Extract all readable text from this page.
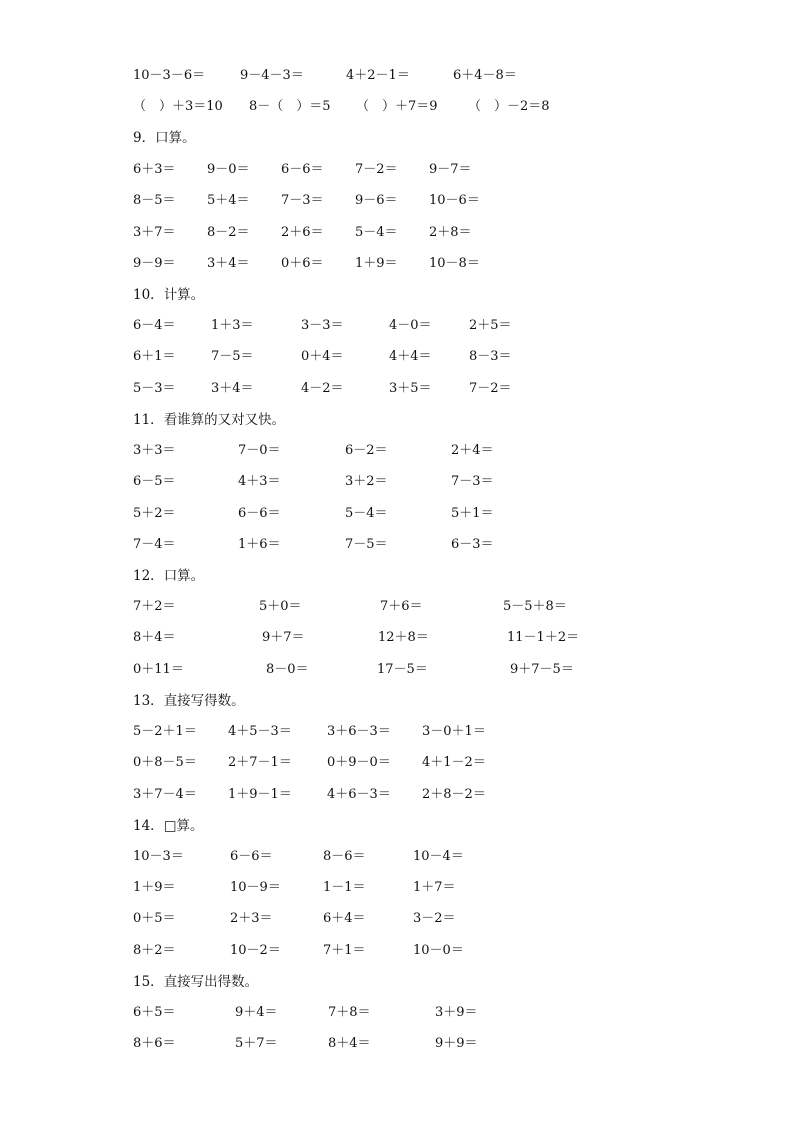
10－3－6＝	9－4－3＝	4＋2－1＝	6＋4－8＝
（　）＋3＝10 8－（　）＝5 （　）＋7＝9 （　）－2＝8
9．口算。
6＋3＝ 9－0＝ 6－6＝ 7－2＝ 9－7＝
8－5＝ 5＋4＝ 7－3＝ 9－6＝ 10－6＝
3＋7＝ 8－2＝ 2＋6＝ 5－4＝ 2＋8＝
9－9＝ 3＋4＝ 0＋6＝ 1＋9＝ 10－8＝
10．计算。
6－4＝	1＋3＝	3－3＝	4－0＝	2＋5＝
6＋1＝	7－5＝	0＋4＝	4＋4＝	8－3＝
5－3＝	3＋4＝	4－2＝	3＋5＝	7－2＝
11．看谁算的又对又快。
3＋3＝	7－0＝	6－2＝	2＋4＝
6－5＝	4＋3＝	3＋2＝	7－3＝
5＋2＝	6－6＝	5－4＝	5＋1＝
7－4＝	1＋6＝	7－5＝	6－3＝
12．口算。
7＋2＝	5＋0＝	7＋6＝	5－5＋8＝
8＋4＝	9＋7＝	12＋8＝	11－1＋2＝
0＋11＝	8－0＝	17－5＝	9＋7－5＝
13．直接写得数。
5－2＋1＝ 4＋5－3＝	3＋6－3＝ 3－0＋1＝
0＋8－5＝ 2＋7－1＝	0＋9－0＝ 4＋1－2＝
3＋7－4＝ 1＋9－1＝	4＋6－3＝ 2＋8－2＝
14．□算。
10－3＝	6－6＝	8－6＝	10－4＝
1＋9＝	10－9＝	1－1＝	1＋7＝
0＋5＝	2＋3＝	6＋4＝	3－2＝
8＋2＝	10－2＝	7＋1＝	10－0＝
15．直接写出得数。
6＋5＝	9＋4＝	7＋8＝	3＋9＝
8＋6＝	5＋7＝	8＋4＝	9＋9＝
